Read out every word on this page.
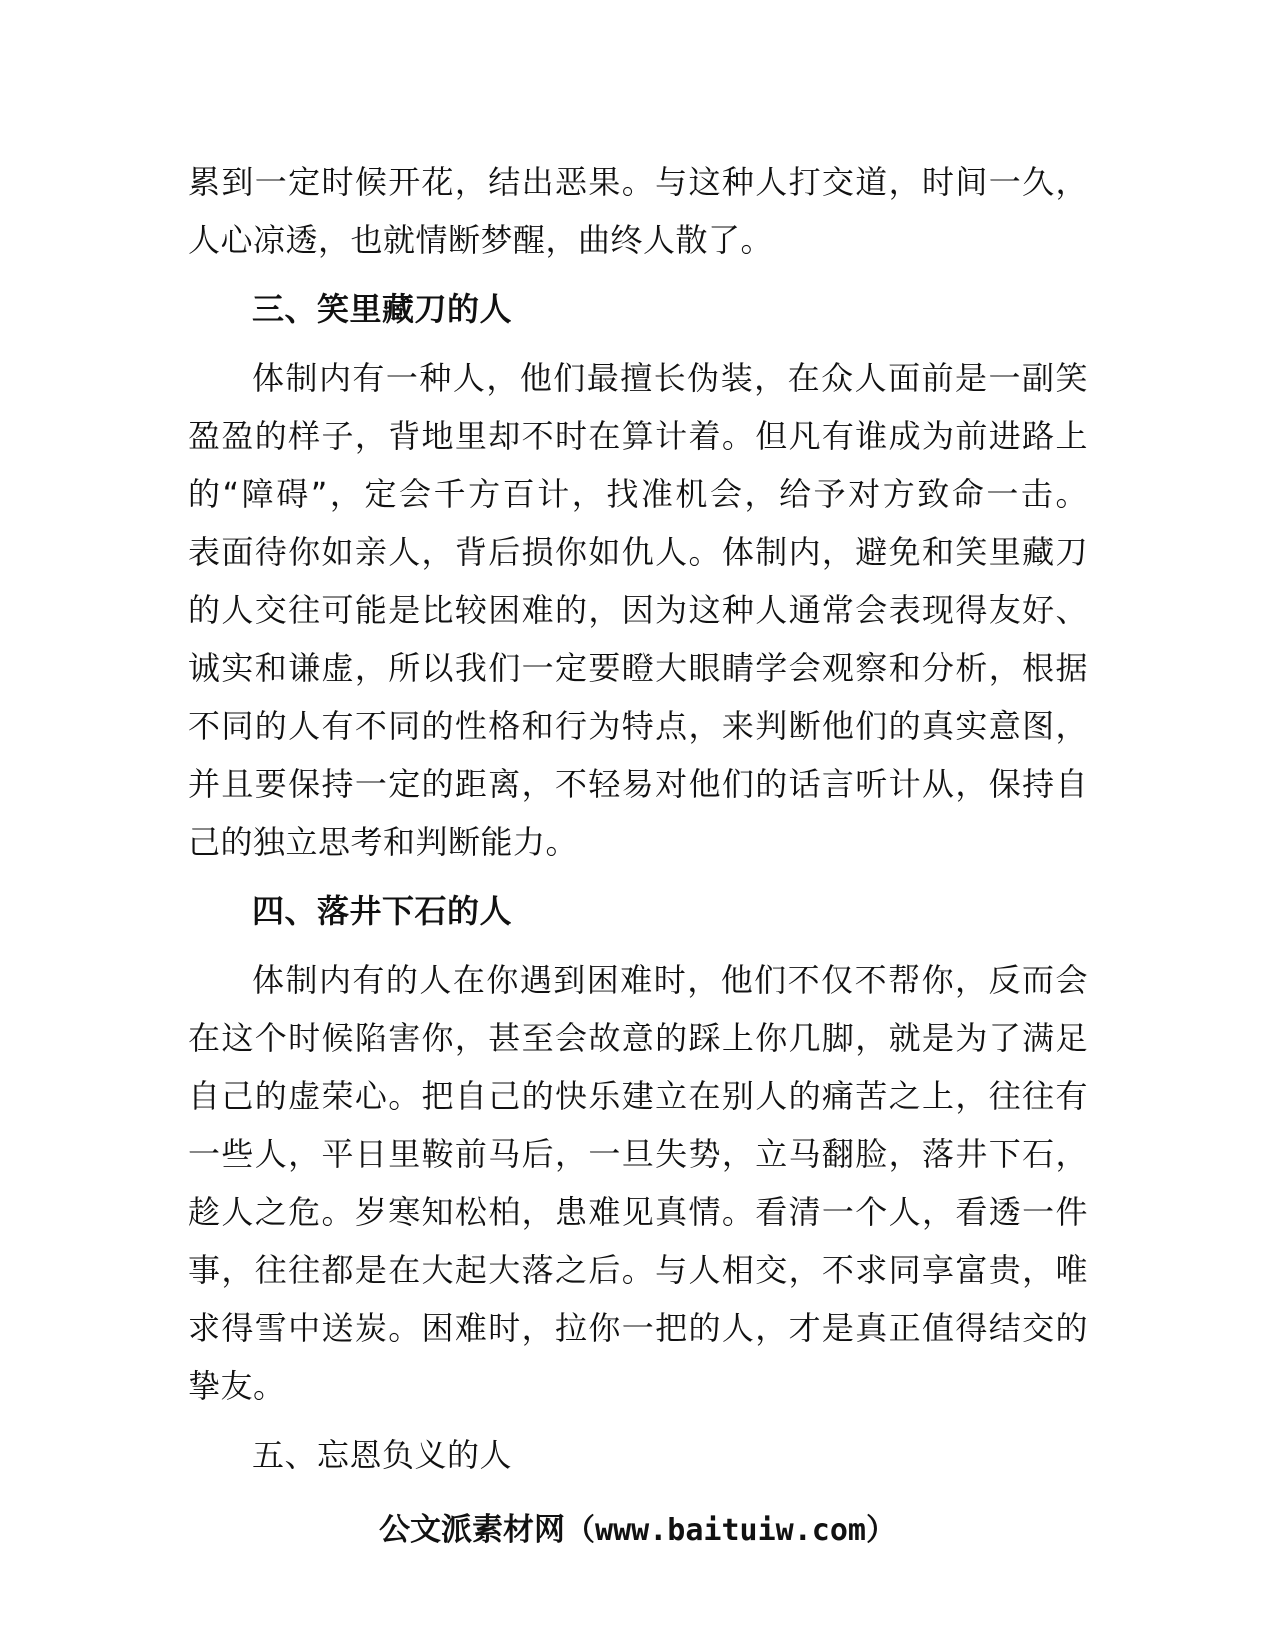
累到一定时候开花，结出恶果。与这种人打交道，时间一久，
人心凉透，也就情断梦醒，曲终人散了。
三、笑里藏刀的人
体制内有一种人，他们最擅长伪装，在众人面前是一副笑
盈盈的样子，背地里却不时在算计着。但凡有谁成为前进路上
的“障碍”，定会千方百计，找准机会，给予对方致命一击。
表面待你如亲人，背后损你如仇人。体制内，避免和笑里藏刀
的人交往可能是比较困难的，因为这种人通常会表现得友好、
诚实和谦虚，所以我们一定要瞪大眼睛学会观察和分析，根据
不同的人有不同的性格和行为特点，来判断他们的真实意图，
并且要保持一定的距离，不轻易对他们的话言听计从，保持自
己的独立思考和判断能力。
四、落井下石的人
体制内有的人在你遇到困难时，他们不仅不帮你，反而会
在这个时候陷害你，甚至会故意的踩上你几脚，就是为了满足
自己的虚荣心。把自己的快乐建立在别人的痛苦之上，往往有
一些人，平日里鞍前马后，一旦失势，立马翻脸，落井下石，
趁人之危。岁寒知松柏，患难见真情。看清一个人，看透一件
事，往往都是在大起大落之后。与人相交，不求同享富贵，唯
求得雪中送炭。困难时，拉你一把的人，才是真正值得结交的
挚友。
五、忘恩负义的人
公文派素材网（www.baituiw.com）
